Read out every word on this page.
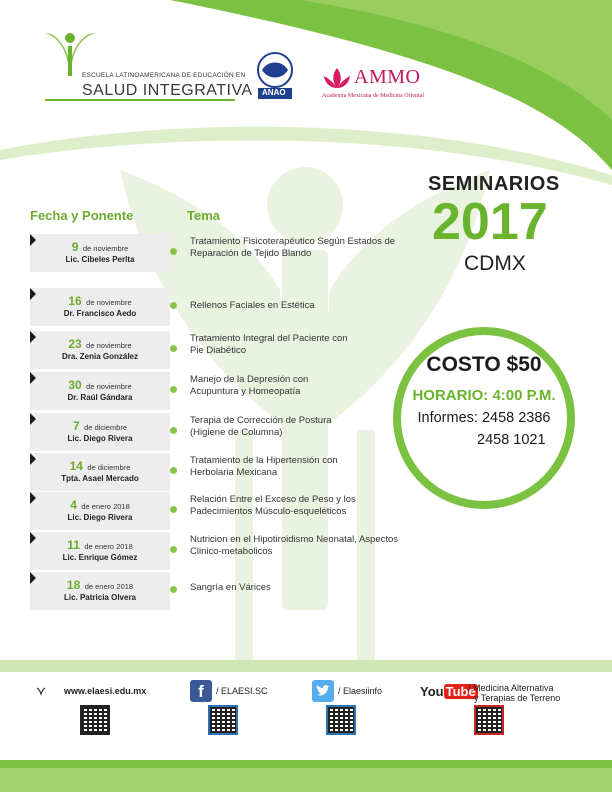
ESCUELA LATINOAMERICANA DE EDUCACIÓN EN
SALUD INTEGRATIVA ANAO
AMMO
Academia Mexicana de Medicina Oriental
SEMINARIOS
2017
CDMX
Fecha y Ponente	Tema
9 de noviembre
Lic. Cibeles Perlta
Tratamiento Fisicoterapéutico Según Estados de Reparación de Tejido Blando
16 de noviembre
Dr. Francisco Aedo
Rellenos Faciales en Estética
23 de noviembre
Dra. Zenia González
Tratamiento Integral del Paciente con Pie Diabético
30 de noviembre
Dr. Raúl Gándara
Manejo de la Depresión con Acupuntura y Homeopatía
7 de diciembre
Lic. Diego Rivera
Terapia de Corrección de Postura (Higiene de Columna)
14 de diciembre
Tpta. Asael Mercado
Tratamiento de la Hipertensión con Herbolaria Mexicana
4 de enero 2018
Lic. Diego Rivera
Relación Entre el Exceso de Peso y los Padecimientos Músculo-esqueléticos
11 de enero 2018
Lic. Enrique Gómez
Nutricion en el Hipotiroidismo Neonatal, Aspectos Clinico-metabolicos
18 de enero 2018
Lic. Patricia Olvera
Sangría en Várices
COSTO $50
HORARIO: 4:00 P.M.
Informes: 2458 2386
2458 1021
www.elaesi.edu.mx	f	/ ELAESI.SC	/ Elaesiinfo	You Tube
/ Medicina Alternativa
y Terapias de Terreno
